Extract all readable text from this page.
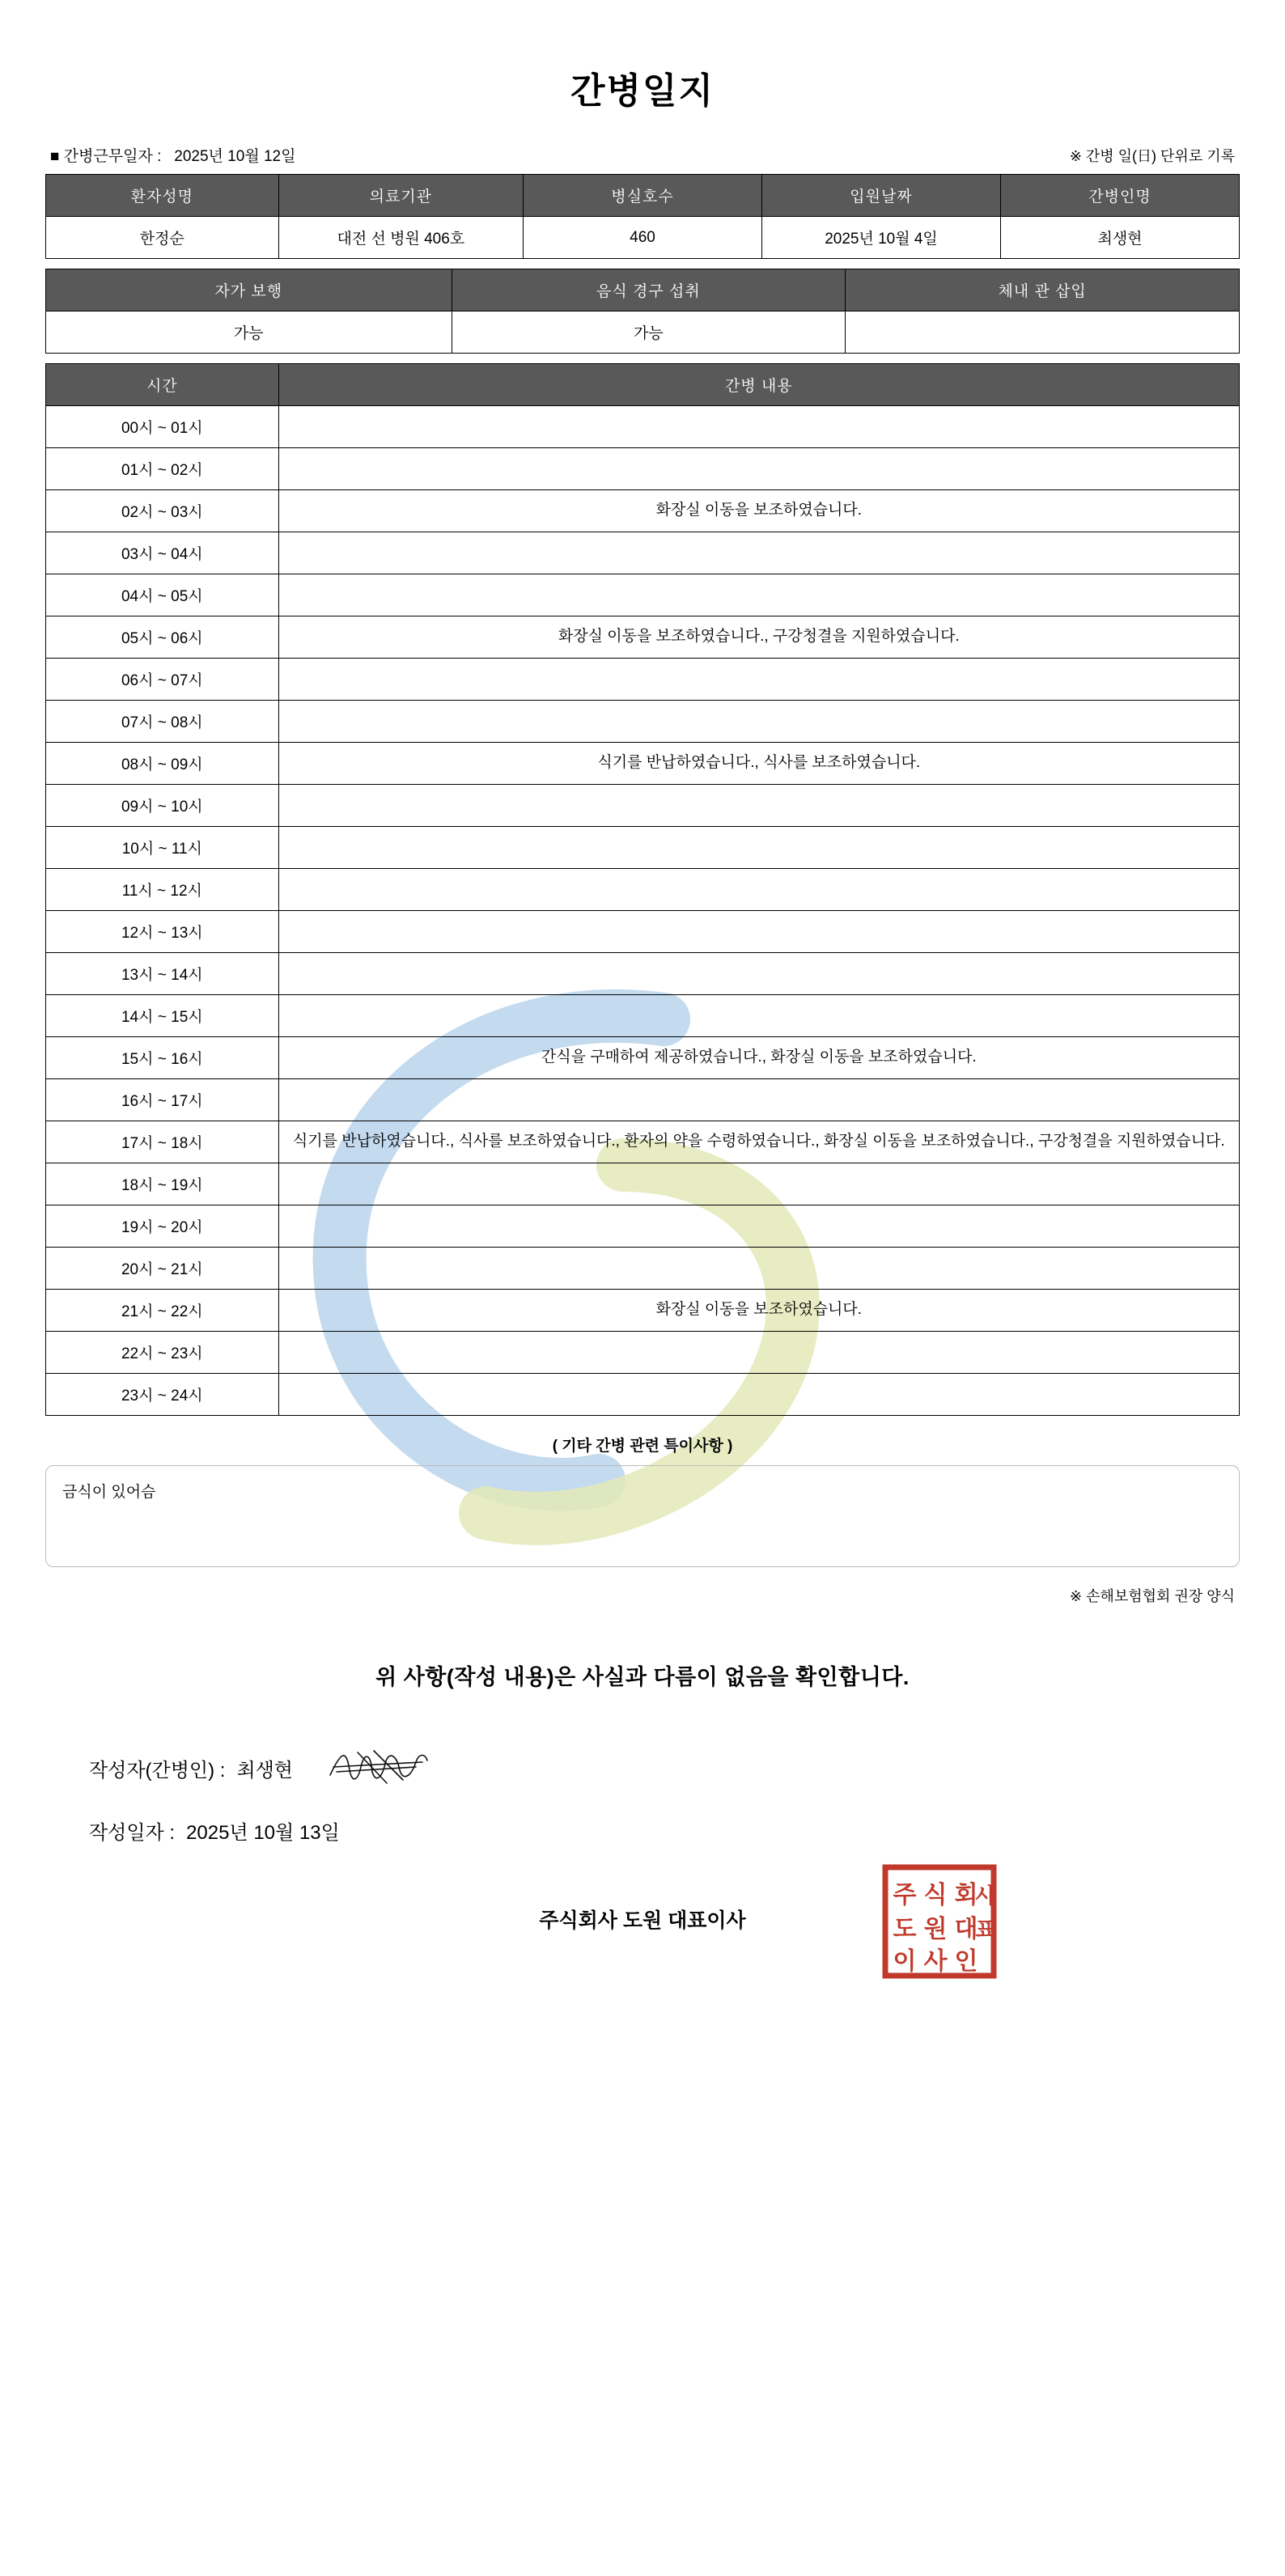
간병일지
■ 간병근무일자 : 2025년 10월 12일	※ 간병 일(日) 단위로 기록
환자성명	의료기관	병실호수	입원날짜	간병인명
한정순	대전 선 병원 406호	460	2025년 10월 4일	최생현
자가 보행	음식 경구 섭취	체내 관 삽입
가능	가능	
시간	간병 내용
00시 ~ 01시	
01시 ~ 02시	
02시 ~ 03시	화장실 이동을 보조하였습니다.
03시 ~ 04시	
04시 ~ 05시	
05시 ~ 06시	화장실 이동을 보조하였습니다., 구강청결을 지원하였습니다.
06시 ~ 07시	
07시 ~ 08시	
08시 ~ 09시	식기를 반납하였습니다., 식사를 보조하였습니다.
09시 ~ 10시	
10시 ~ 11시	
11시 ~ 12시	
12시 ~ 13시	
13시 ~ 14시	
14시 ~ 15시	
15시 ~ 16시	간식을 구매하여 제공하였습니다., 화장실 이동을 보조하였습니다.
16시 ~ 17시	
17시 ~ 18시	식기를 반납하였습니다., 식사를 보조하였습니다., 환자의 약을 수령하였습니다., 화장실 이동을 보조하였습니다., 구강청결을 지원하였습니다.
18시 ~ 19시	
19시 ~ 20시	
20시 ~ 21시	
21시 ~ 22시	화장실 이동을 보조하였습니다.
22시 ~ 23시	
23시 ~ 24시	
( 기타 간병 관련 특이사항 )
금식이 있어슴
※ 손해보험협회 권장 양식
위 사항(작성 내용)은 사실과 다름이 없음을 확인합니다.
작성자(간병인) : 최생현
작성일자 : 2025년 10월 13일
주식회사 도원 대표이사
주 식 회
도 원 대
이 사 인
사
표
